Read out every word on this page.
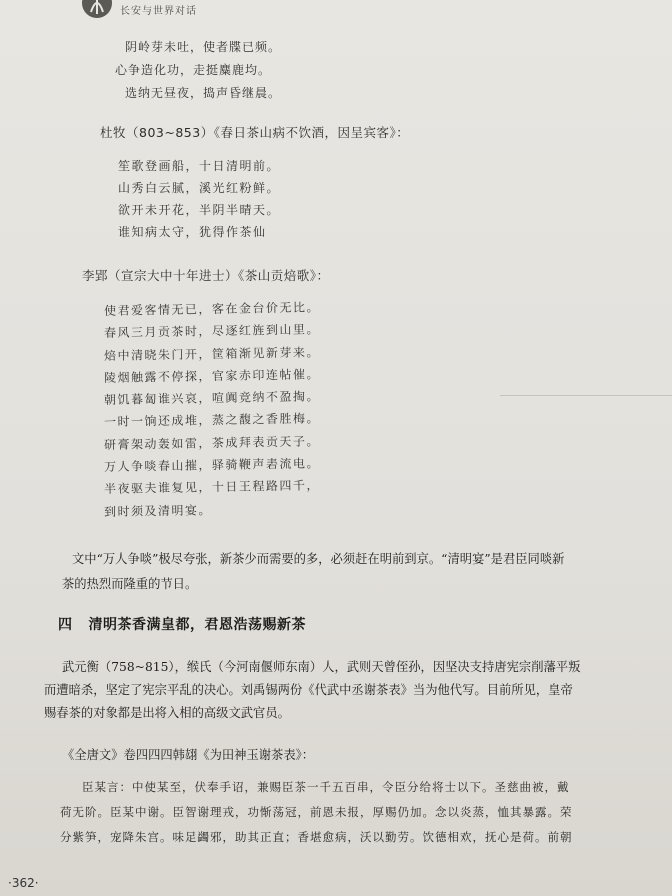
长安与世界对话
阴岭芽未吐，使者牒已频。
心争造化功，走挺麋鹿均。
选纳无昼夜，捣声昏继晨。
杜牧（803~853）《春日茶山病不饮酒，因呈宾客》：
笙歌登画船，十日清明前。
山秀白云腻，溪光红粉鲜。
欲开未开花，半阴半晴天。
谁知病太守，犹得作茶仙
李郢（宣宗大中十年进士）《茶山贡焙歌》：
使君爱客情无已，客在金台价无比。
春风三月贡茶时，尽逐红旌到山里。
焙中清晓朱门开，筐箱渐见新芽来。
陵烟触露不停探，官家赤印连帖催。
朝饥暮匐谁兴哀，喧阗竞纳不盈掏。
一时一饷还成堆，蒸之馥之香胜梅。
研膏架动轰如雷，茶成拜表贡天子。
万人争啖春山摧，驿骑鞭声砉流电。
半夜驱夫谁复见，十日王程路四千，
到时须及清明宴。
文中“万人争啖”极尽夸张，新茶少而需要的多，必须赶在明前到京。“清明宴”是君臣同啖新
茶的热烈而隆重的节日。
四 清明茶香满皇都，君恩浩荡赐新茶
武元衡（758~815），缑氏（今河南偃师东南）人，武则天曾侄孙，因坚决支持唐宪宗削藩平叛
而遭暗杀，坚定了宪宗平乱的决心。刘禹锡两份《代武中丞谢茶表》当为他代写。目前所见，皇帝
赐春茶的对象都是出将入相的高级文武官员。
《全唐文》卷四四四韩翃《为田神玉谢茶表》：
臣某言：中使某至，伏奉手诏，兼赐臣茶一千五百串，令臣分给将士以下。圣慈曲被，戴
荷无阶。臣某中谢。臣智谢理戎，功惭荡冠，前恩未报，厚赐仍加。念以炎蒸，恤其暴露。荣
分紫笋，宠降朱宫。味足蠲邪，助其正直；香堪愈病，沃以勤劳。饮德相欢，抚心是荷。前朝
·362·
